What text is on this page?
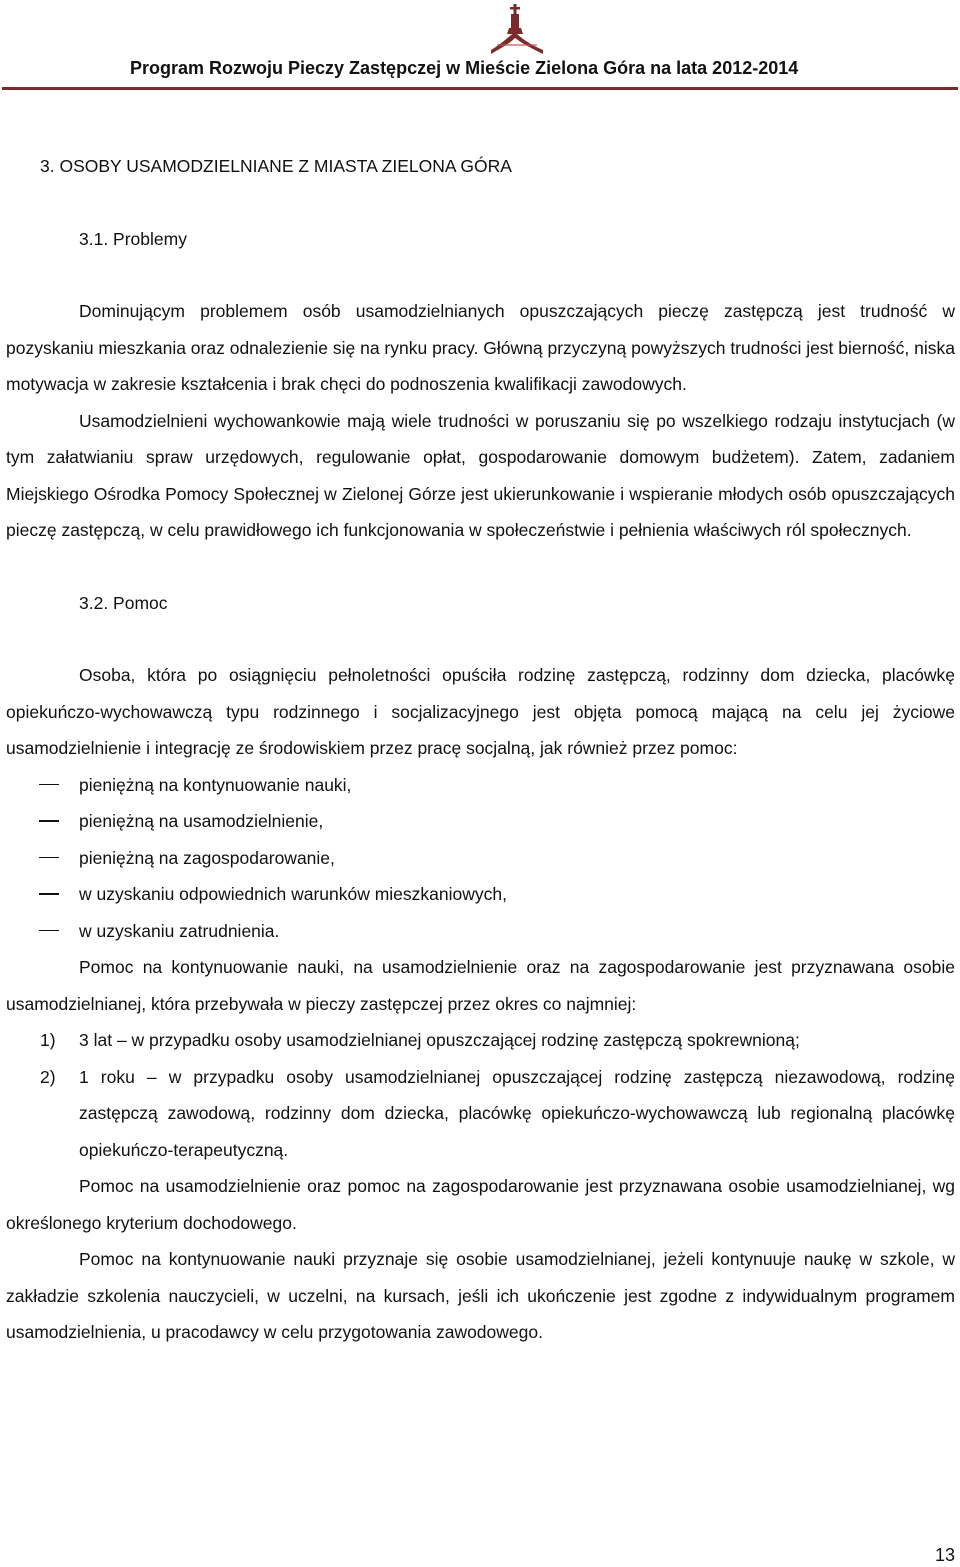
Program Rozwoju Pieczy Zastępczej w Mieście Zielona Góra na lata 2012-2014
3. OSOBY USAMODZIELNIANE Z MIASTA ZIELONA GÓRA
3.1. Problemy

Dominującym problemem osób usamodzielnianych opuszczających pieczę zastępczą jest trudność w pozyskaniu mieszkania oraz odnalezienie się na rynku pracy. Główną przyczyną powyższych trudności jest bierność, niska motywacja w zakresie kształcenia i brak chęci do podnoszenia kwalifikacji zawodowych.

Usamodzielnieni wychowankowie mają wiele trudności w poruszaniu się po wszelkiego rodzaju instytucjach (w tym załatwianiu spraw urzędowych, regulowanie opłat, gospodarowanie domowym budżetem). Zatem, zadaniem Miejskiego Ośrodka Pomocy Społecznej w Zielonej Górze jest ukierunkowanie i wspieranie młodych osób opuszczających pieczę zastępczą, w celu prawidłowego ich funkcjonowania w społeczeństwie i pełnienia właściwych ról społecznych.

3.2. Pomoc

Osoba, która po osiągnięciu pełnoletności opuściła rodzinę zastępczą, rodzinny dom dziecka, placówkę opiekuńczo-wychowawczą typu rodzinnego i socjalizacyjnego jest objęta pomocą mającą na celu jej życiowe usamodzielnienie i integrację ze środowiskiem przez pracę socjalną, jak również przez pomoc:

pieniężną na kontynuowanie nauki,
pieniężną na usamodzielnienie,
pieniężną na zagospodarowanie,
w uzyskaniu odpowiednich warunków mieszkaniowych,
w uzyskaniu zatrudnienia.

Pomoc na kontynuowanie nauki, na usamodzielnienie oraz na zagospodarowanie jest przyznawana osobie usamodzielnianej, która przebywała w pieczy zastępczej przez okres co najmniej:

1) 3 lat – w przypadku osoby usamodzielnianej opuszczającej rodzinę zastępczą spokrewnioną;
2) 1 roku – w przypadku osoby usamodzielnianej opuszczającej rodzinę zastępczą niezawodową, rodzinę zastępczą zawodową, rodzinny dom dziecka, placówkę opiekuńczo-wychowawczą lub regionalną placówkę opiekuńczo-terapeutyczną.

Pomoc na usamodzielnienie oraz pomoc na zagospodarowanie jest przyznawana osobie usamodzielnianej, wg określonego kryterium dochodowego.

Pomoc na kontynuowanie nauki przyznaje się osobie usamodzielnianej, jeżeli kontynuuje naukę w szkole, w zakładzie szkolenia nauczycieli, w uczelni, na kursach, jeśli ich ukończenie jest zgodne z indywidualnym programem usamodzielnienia, u pracodawcy w celu przygotowania zawodowego.

13
